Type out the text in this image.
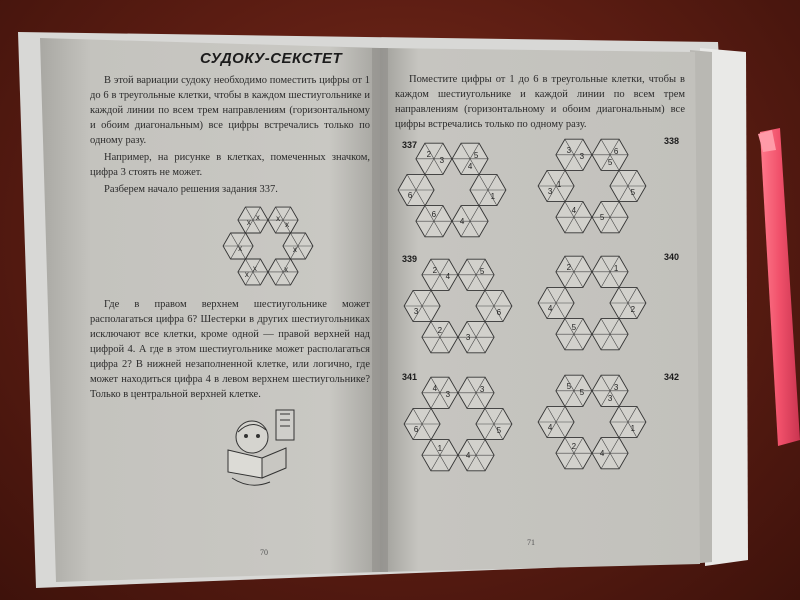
x
x
x
x
x	x
x
x
x
2	5
6	1
6
4
3
4
3	6
3	5
4
5
3
5
1
2	5
3	6
2
3
4
2	1
4	2
5
4	3
6	5
1
4
3
5	3
4	1
2
4
5
3
СУДОКУ-СЕКСТЕТ
В этой вариации судоку необходимо поместить цифры от 1 до 6 в треугольные клетки, чтобы в каждом шестиугольнике и каждой линии по всем трем направлениям (горизонтальному и обоим диагональным) все цифры встречались только по одному разу.
Например, на рисунке в клетках, помеченных значком, цифра 3 стоять не может.
Разберем начало решения задания 337.
Где в правом верхнем шестиугольнике может располагаться цифра 6? Шестерки в других шестиугольниках исключают все клетки, кроме одной — правой верхней над цифрой 4. А где в этом шестиугольнике может располагаться цифра 2? В нижней незаполненной клетке, или логично, где может находиться цифра 4 в левом верхнем шестиугольнике? Только в центральной верхней клетке.
70
Поместите цифры от 1 до 6 в треугольные клетки, чтобы в каждом шестиугольнике и каждой линии по всем трем направлениям (горизонтальному и обоим диагональным) все цифры встречались только по одному разу.
71
337	338
339	340
341	342
